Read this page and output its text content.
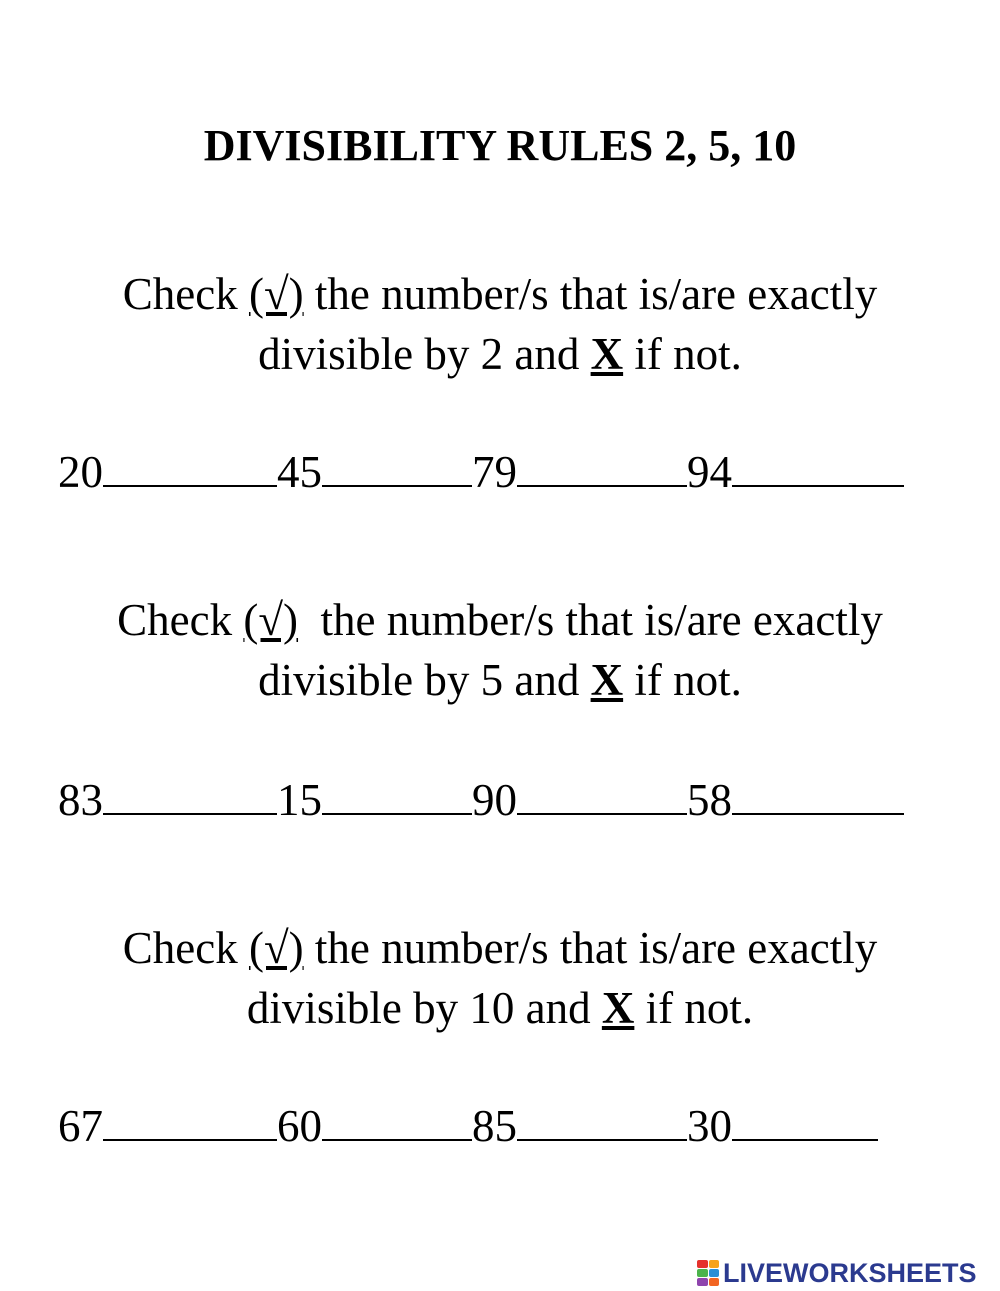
DIVISIBILITY RULES 2, 5, 10
Check (√) the number/s that is/are exactly
divisible by 2 and X if not.
20	45	79	94
Check (√)  the number/s that is/are exactly
divisible by 5 and X if not.
83	15	90	58
Check (√) the number/s that is/are exactly
divisible by 10 and X if not.
67	60	85	30
LIVEWORKSHEETS
